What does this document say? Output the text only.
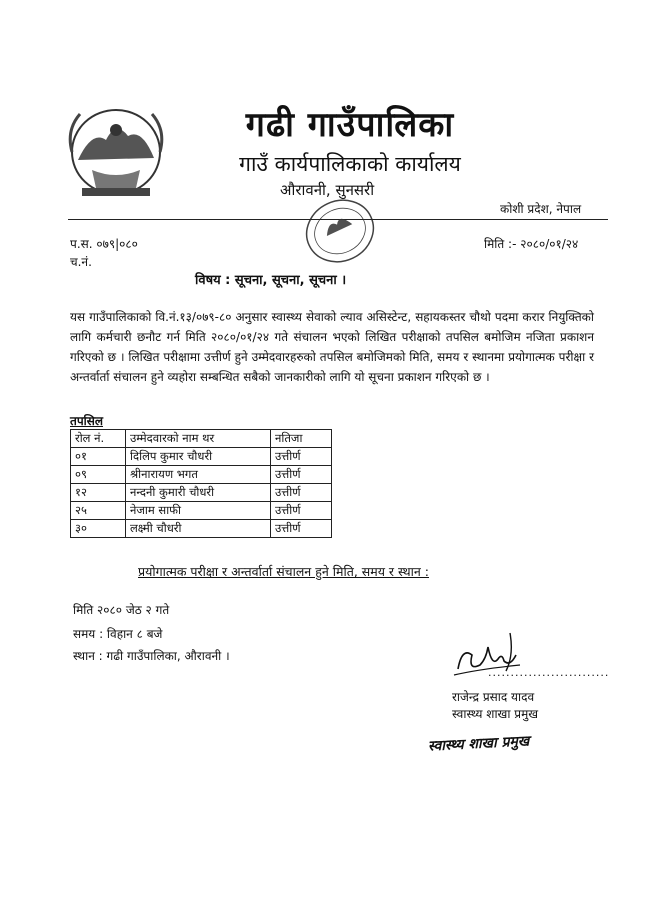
गढी गाउँपालिका
गाउँ कार्यपालिकाको कार्यालय
औरावनी, सुनसरी
कोशी प्रदेश, नेपाल
प.स. ०७९|०८०
च.नं.
मिति :- २०८०/०१/२४
विषय : सूचना, सूचना, सूचना ।
यस गाउँपालिकाको वि.नं.१३/०७९-८० अनुसार स्वास्थ्य सेवाको ल्याव असिस्टेन्ट, सहायकस्तर चौथो पदमा करार नियुक्तिको लागि कर्मचारी छनौट गर्न मिति २०८०/०१/२४ गते संचालन भएको लिखित परीक्षाको तपसिल बमोजिम नजिता प्रकाशन गरिएको छ । लिखित परीक्षामा उत्तीर्ण हुने उम्मेदवारहरुको तपसिल बमोजिमको मिति, समय र स्थानमा प्रयोगात्मक परीक्षा र अन्तर्वार्ता संचालन हुने व्यहोरा सम्बन्धित सबैको जानकारीको लागि यो सूचना प्रकाशन गरिएको छ ।
तपसिल
रोल नं.	उम्मेदवारको नाम थर	नतिजा
०१	दिलिप कुमार चौधरी	उत्तीर्ण
०९	श्रीनारायण भगत	उत्तीर्ण
१२	नन्दनी कुमारी चौधरी	उत्तीर्ण
२५	नेजाम साफी	उत्तीर्ण
३०	लक्ष्मी चौधरी	उत्तीर्ण
प्रयोगात्मक परीक्षा र अन्तर्वार्ता संचालन हुने मिति, समय र स्थान :
मिति २०८० जेठ २ गते
समय : विहान ८ बजे
स्थान : गढी गाउँपालिका, औरावनी ।
...........................
राजेन्द्र प्रसाद यादव
स्वास्थ्य शाखा प्रमुख
स्वास्थ्य शाखा प्रमुख
